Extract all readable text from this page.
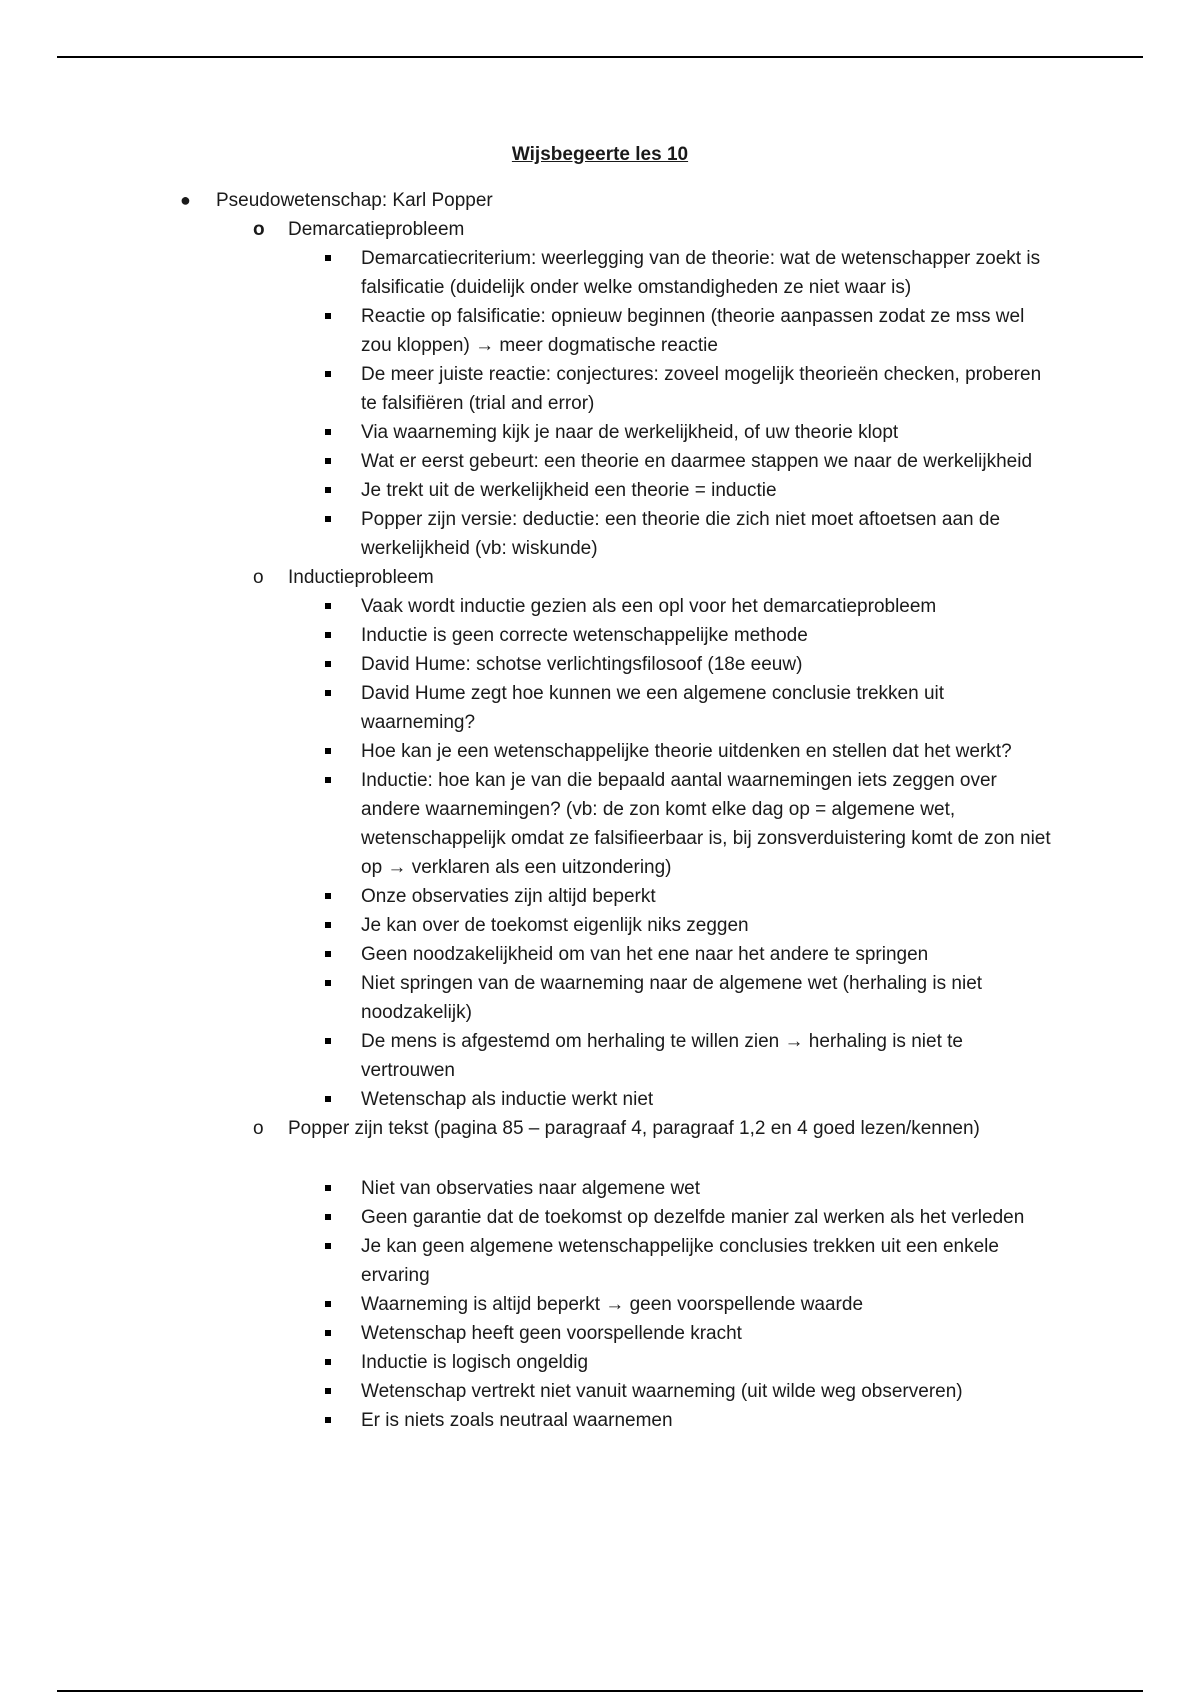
Wijsbegeerte les 10
● Pseudowetenschap: Karl Popper
o Demarcatieprobleem
Demarcatiecriterium: weerlegging van de theorie: wat de wetenschapper zoekt is falsificatie (duidelijk onder welke omstandigheden ze niet waar is)
Reactie op falsificatie: opnieuw beginnen (theorie aanpassen zodat ze mss wel zou kloppen) → meer dogmatische reactie
De meer juiste reactie: conjectures: zoveel mogelijk theorieën checken, proberen te falsifiëren (trial and error)
Via waarneming kijk je naar de werkelijkheid, of uw theorie klopt
Wat er eerst gebeurt: een theorie en daarmee stappen we naar de werkelijkheid
Je trekt uit de werkelijkheid een theorie = inductie
Popper zijn versie: deductie: een theorie die zich niet moet aftoetsen aan de werkelijkheid (vb: wiskunde)
o Inductieprobleem
Vaak wordt inductie gezien als een opl voor het demarcatieprobleem
Inductie is geen correcte wetenschappelijke methode
David Hume: schotse verlichtingsfilosoof (18e eeuw)
David Hume zegt hoe kunnen we een algemene conclusie trekken uit waarneming?
Hoe kan je een wetenschappelijke theorie uitdenken en stellen dat het werkt?
Inductie: hoe kan je van die bepaald aantal waarnemingen iets zeggen over andere waarnemingen? (vb: de zon komt elke dag op = algemene wet, wetenschappelijk omdat ze falsifieerbaar is, bij zonsverduistering komt de zon niet op → verklaren als een uitzondering)
Onze observaties zijn altijd beperkt
Je kan over de toekomst eigenlijk niks zeggen
Geen noodzakelijkheid om van het ene naar het andere te springen
Niet springen van de waarneming naar de algemene wet (herhaling is niet noodzakelijk)
De mens is afgestemd om herhaling te willen zien → herhaling is niet te vertrouwen
Wetenschap als inductie werkt niet
o Popper zijn tekst (pagina 85 – paragraaf 4, paragraaf 1,2 en 4 goed lezen/kennen)
Niet van observaties naar algemene wet
Geen garantie dat de toekomst op dezelfde manier zal werken als het verleden
Je kan geen algemene wetenschappelijke conclusies trekken uit een enkele ervaring
Waarneming is altijd beperkt → geen voorspellende waarde
Wetenschap heeft geen voorspellende kracht
Inductie is logisch ongeldig
Wetenschap vertrekt niet vanuit waarneming (uit wilde weg observeren)
Er is niets zoals neutraal waarnemen
